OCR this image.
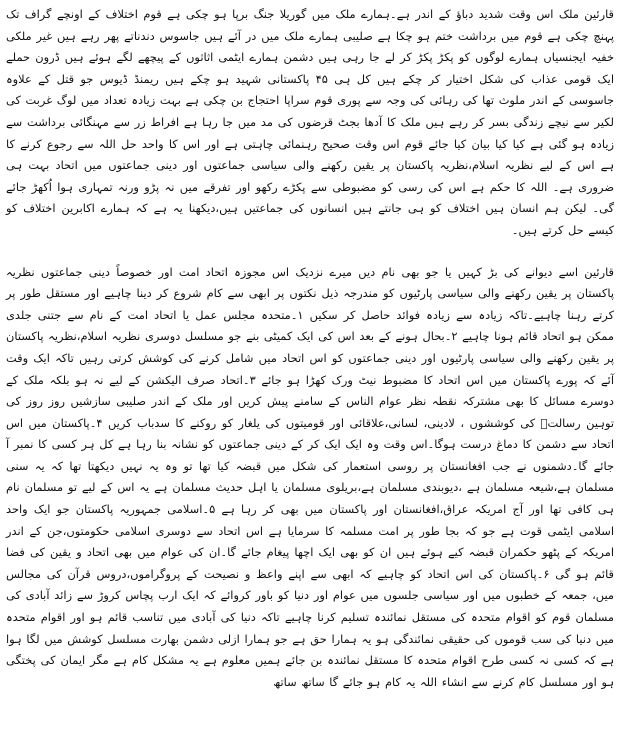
قارئین ملک اس وقت شدید دباؤ کے اندر ہے۔ہمارے ملک میں گوریلا جنگ برپا ہو چکی ہے قوم اختلاف کے اونچے گراف تک پہنچ چکی ہے قوم میں برداشت ختم ہو چکا ہے صلیبی ہمارے ملک میں در آئے ہیں جاسوس دندناتے پھر رہے ہیں غیر ملکی خفیہ ایجنسیاں ہمارے لوگوں کو پکڑ پکڑ کر لے جا رہی ہیں دشمن ہمارے ایٹمی اثاثوں کے پیچھے لگے ہوئے ہیں ڈرون حملے ایک قومی عذاب کی شکل اختیار کر چکے ہیں کل ہی ۴۵ پاکستانی شہید ہو چکے ہیں ریمنڈ ڈیوس جو قتل کے علاوہ جاسوسی کے اندر ملوث تھا کی رہائی کی وجہ سے پوری قوم سراپا احتجاج بن چکی ہے بہت زیادہ تعداد میں لوگ غربت کی لکیر سے نیچے زندگی بسر کر رہے ہیں ملک کا آدھا بجٹ قرضوں کی مد میں جا رہا ہے افراط زر سے مہنگائی برداشت سے زیادہ ہو گئی ہے کیا کیا بیان کیا جائے قوم اس وقت صحیح رہنمائی چاہتی ہے اور اس کا واحد حل اللہ سے رجوع کرنے کا ہے اس کے لیے نظریہ اسلام،نظریہ پاکستان پر یقین رکھنے والی سیاسی جماعتوں اور دینی جماعتوں میں اتحاد بہت ہی ضروری ہے۔ اللہ کا حکم ہے اس کی رسی کو مضبوطی سے پکڑے رکھو اور تفرقے میں نہ پڑو ورنہ تمہاری ہوا اُکھڑ جائے گی۔ لیکن ہم انسان ہیں اختلاف کو ہی جانتے ہیں انسانوں کی جماعتیں ہیں،دیکھنا یہ ہے کہ ہمارے اکابرین اختلاف کو کیسے حل کرتے ہیں۔

قارئین اسے دیوانے کی بڑ کہیں یا جو بھی نام دیں میرے نزدیک اس مجوزہ اتحاد امت اور خصوصاً دینی جماعتوں نظریہ پاکستان پر یقین رکھنے والی سیاسی پارٹیوں کو مندرجہ ذیل نکتوں پر ابھی سے کام شروع کر دینا چاہیے اور مستقل طور پر کرتے رہنا چاہیے۔تاکہ زیادہ سے زیادہ فوائد حاصل کر سکیں ۱۔متحدہ مجلس عمل یا اتحاد امت کے نام سے جتنی جلدی ممکن ہو اتحاد قائم ہونا چاہیے ۲۔بحال ہونے کے بعد اس کی ایک کمیٹی بنے جو مسلسل دوسری نظریہ اسلام،نظریہ پاکستان پر یقین رکھنے والی سیاسی پارٹیوں اور دینی جماعتوں کو اس اتحاد میں شامل کرنے کی کوشش کرتی رہیں تاکہ ایک وقت آئے کہ پورے پاکستان میں اس اتحاد کا مضبوط نیٹ ورک کھڑا ہو جائے ۳۔اتحاد صرف الیکشن کے لیے نہ ہو بلکہ ملک کے دوسرے مسائل کا بھی مشترکہ نقطہ نظر عوام الناس کے سامنے پیش کریں اور ملک کے اندر صلیبی سازشیں روز روز کی توہین رسالتؐ کی کوششوں ، لادینی، لسانی،علاقائی اور قومیتوں کی یلغار کو روکنے کا سدباب کریں ۴۔پاکستان میں اس اتحاد سے دشمن کا دماغ درست ہوگا۔اس وقت وہ ایک ایک کر کے دینی جماعتوں کو نشانہ بنا رہا ہے کل ہر کسی کا نمبر آ جائے گا۔دشمنوں نے جب افغانستان پر روسی استعمار کی شکل میں قبضہ کیا تھا تو وہ یہ نہیں دیکھتا تھا کہ یہ سنی مسلمان ہے،شیعہ مسلمان ہے ،دیوبندی مسلمان ہے،بریلوی مسلمان یا اہل حدیث مسلمان ہے یہ اس کے لیے تو مسلمان نام ہی کافی تھا اور آج امریکہ عراق،افغانستان اور پاکستان میں بھی کر رہا ہے ۵۔اسلامی جمہوریہ پاکستان جو ایک واحد اسلامی ایٹمی قوت ہے جو کہ بجا طور پر امت مسلمہ کا سرمایا ہے اس اتحاد سے دوسری اسلامی حکومتوں،جن کے اندر امریکہ کے پٹھو حکمران قبضہ کیے ہوئے ہیں ان کو بھی ایک اچھا پیغام جائے گا۔ان کی عوام میں بھی اتحاد و یقین کی فضا قائم ہو گی ۶۔پاکستان کی اس اتحاد کو چاہیے کہ ابھی سے اپنے واعظ و نصیحت کے پروگراموں،دروس قرآن کی مجالس میں، جمعہ کے خطبوں میں اور سیاسی جلسوں میں عوام اور دنیا کو باور کروائے کہ ایک ارب پچاس کروڑ سے زائد آبادی کی مسلمان قوم کو اقوام متحدہ کی مستقل نمائندہ تسلیم کرنا چاہیے تاکہ دنیا کی آبادی میں تناسب قائم ہو اور اقوام متحدہ میں دنیا کی سب قوموں کی حقیقی نمائندگی ہو یہ ہمارا حق ہے جو ہمارا ازلی دشمن بھارت مسلسل کوشش میں لگا ہوا ہے کہ کسی نہ کسی طرح اقوام متحدہ کا مستقل نمائندہ بن جائے ہمیں معلوم ہے یہ مشکل کام ہے مگر ایمان کی پختگی ہو اور مسلسل کام کرنے سے انشاء اللہ یہ کام ہو جائے گا ساتھ ساتھ
